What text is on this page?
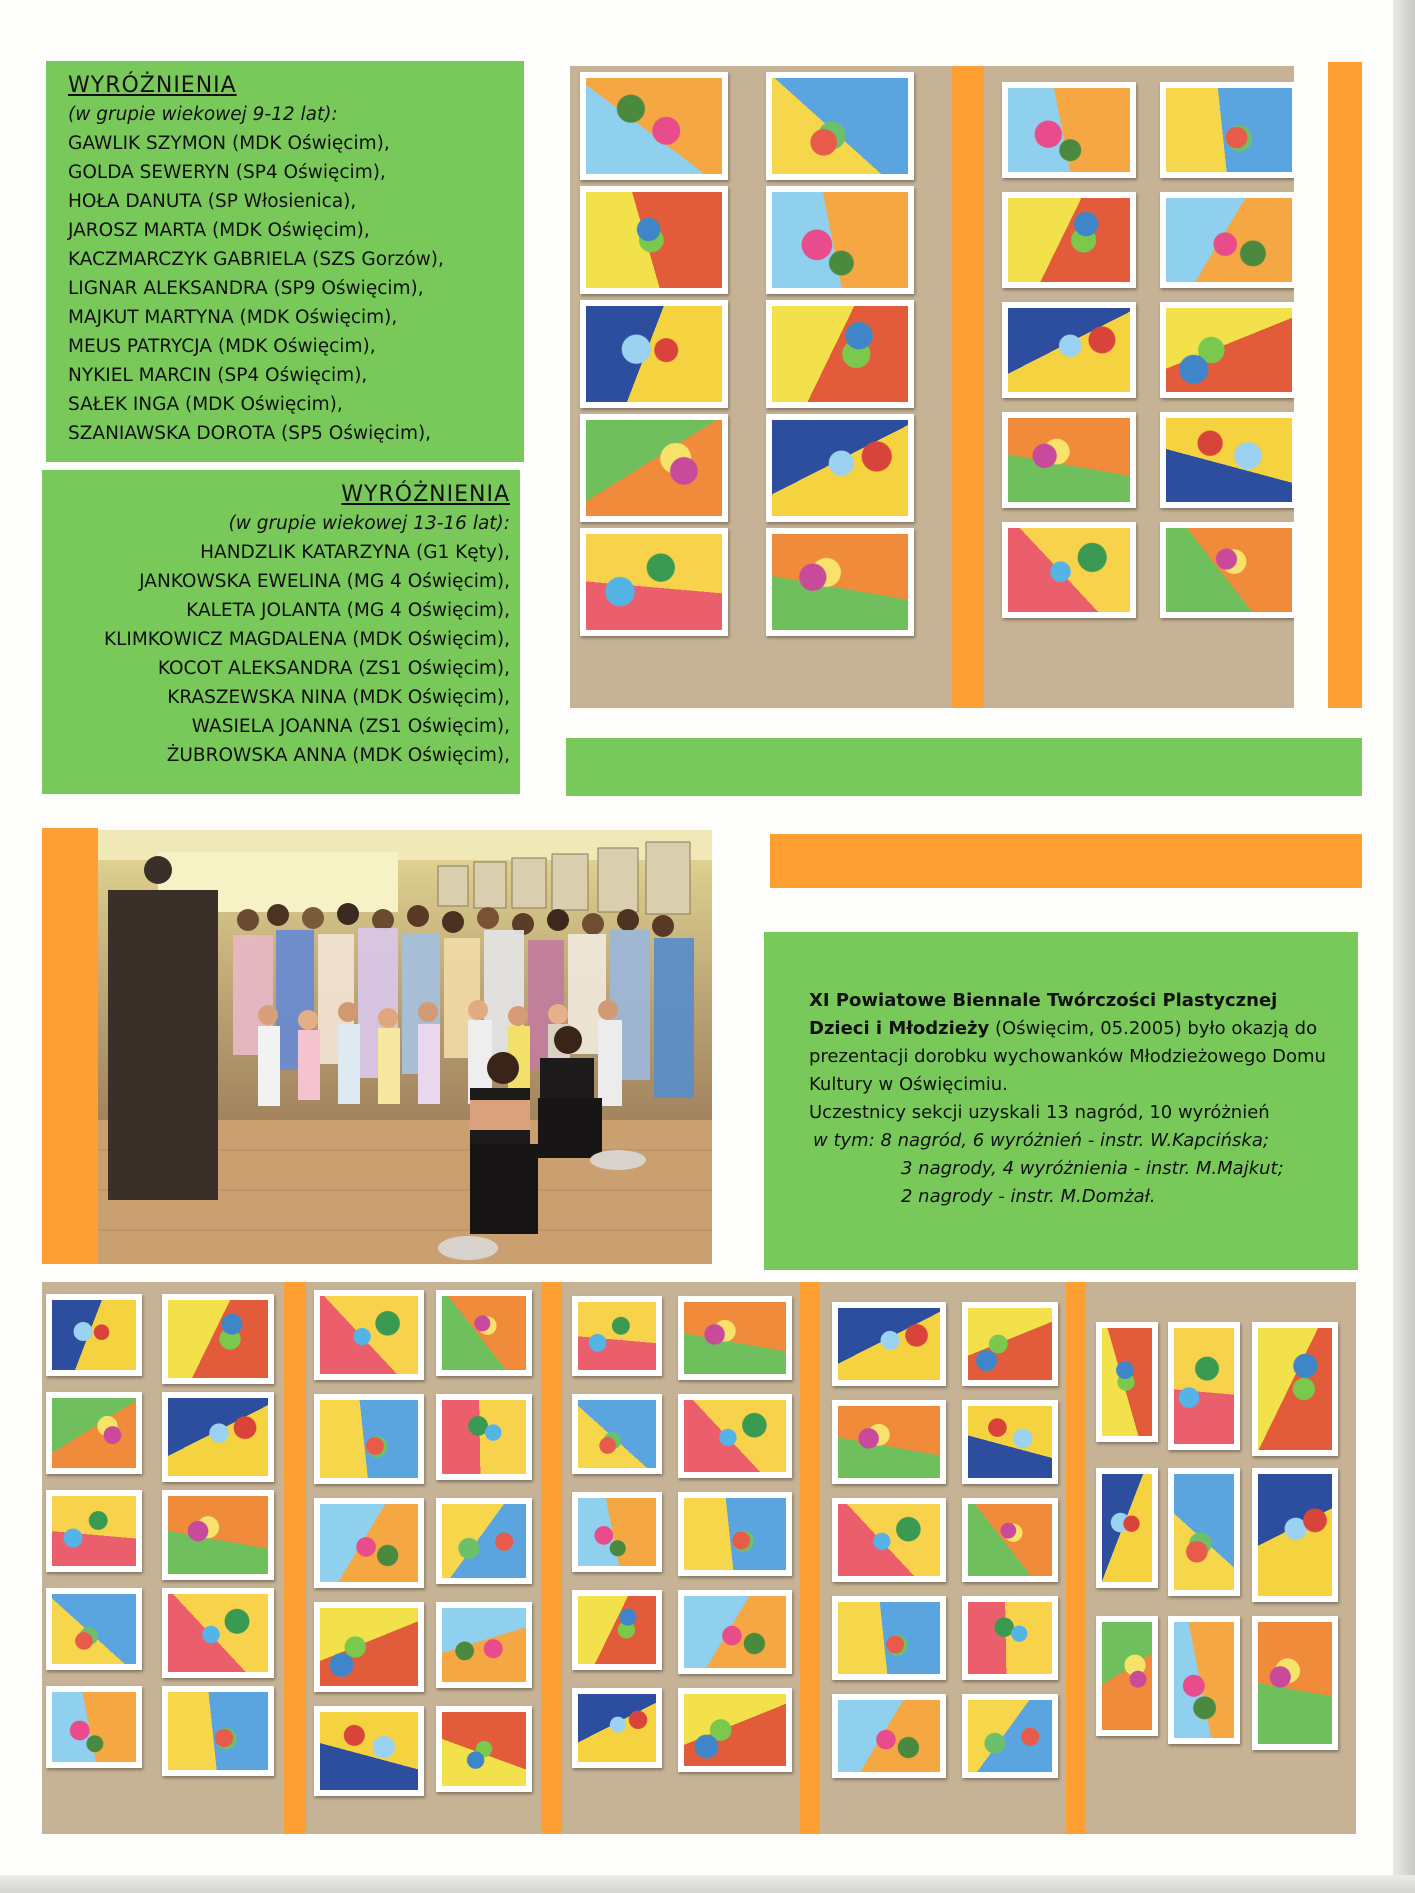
WYRÓŻNIENIA
(w grupie wiekowej 9-12 lat):
GAWLIK SZYMON (MDK Oświęcim),
GOLDA SEWERYN (SP4 Oświęcim),
HOŁA DANUTA (SP Włosienica),
JAROSZ MARTA (MDK Oświęcim),
KACZMARCZYK GABRIELA (SZS Gorzów),
LIGNAR ALEKSANDRA (SP9 Oświęcim),
MAJKUT MARTYNA (MDK Oświęcim),
MEUS PATRYCJA (MDK Oświęcim),
NYKIEL MARCIN (SP4 Oświęcim),
SAŁEK INGA (MDK Oświęcim),
SZANIAWSKA DOROTA (SP5 Oświęcim),
WYRÓŻNIENIA
(w grupie wiekowej 13-16 lat):
HANDZLIK KATARZYNA (G1 Kęty),
JANKOWSKA EWELINA (MG 4 Oświęcim),
KALETA JOLANTA (MG 4 Oświęcim),
KLIMKOWICZ MAGDALENA (MDK Oświęcim),
KOCOT ALEKSANDRA (ZS1 Oświęcim),
KRASZEWSKA NINA (MDK Oświęcim),
WASIELA JOANNA (ZS1 Oświęcim),
ŻUBROWSKA ANNA (MDK Oświęcim),
XI Powiatowe Biennale Twórczości Plastycznej Dzieci i Młodzieży (Oświęcim, 05.2005) było okazją do prezentacji dorobku wychowanków Młodzieżowego Domu Kultury w Oświęcimiu.
Uczestnicy sekcji uzyskali 13 nagród, 10 wyróżnień
w tym: 8 nagród, 6 wyróżnień - instr. W.Kapcińska;
3 nagrody, 4 wyróżnienia - instr. M.Majkut;
2 nagrody - instr. M.Domżał.
